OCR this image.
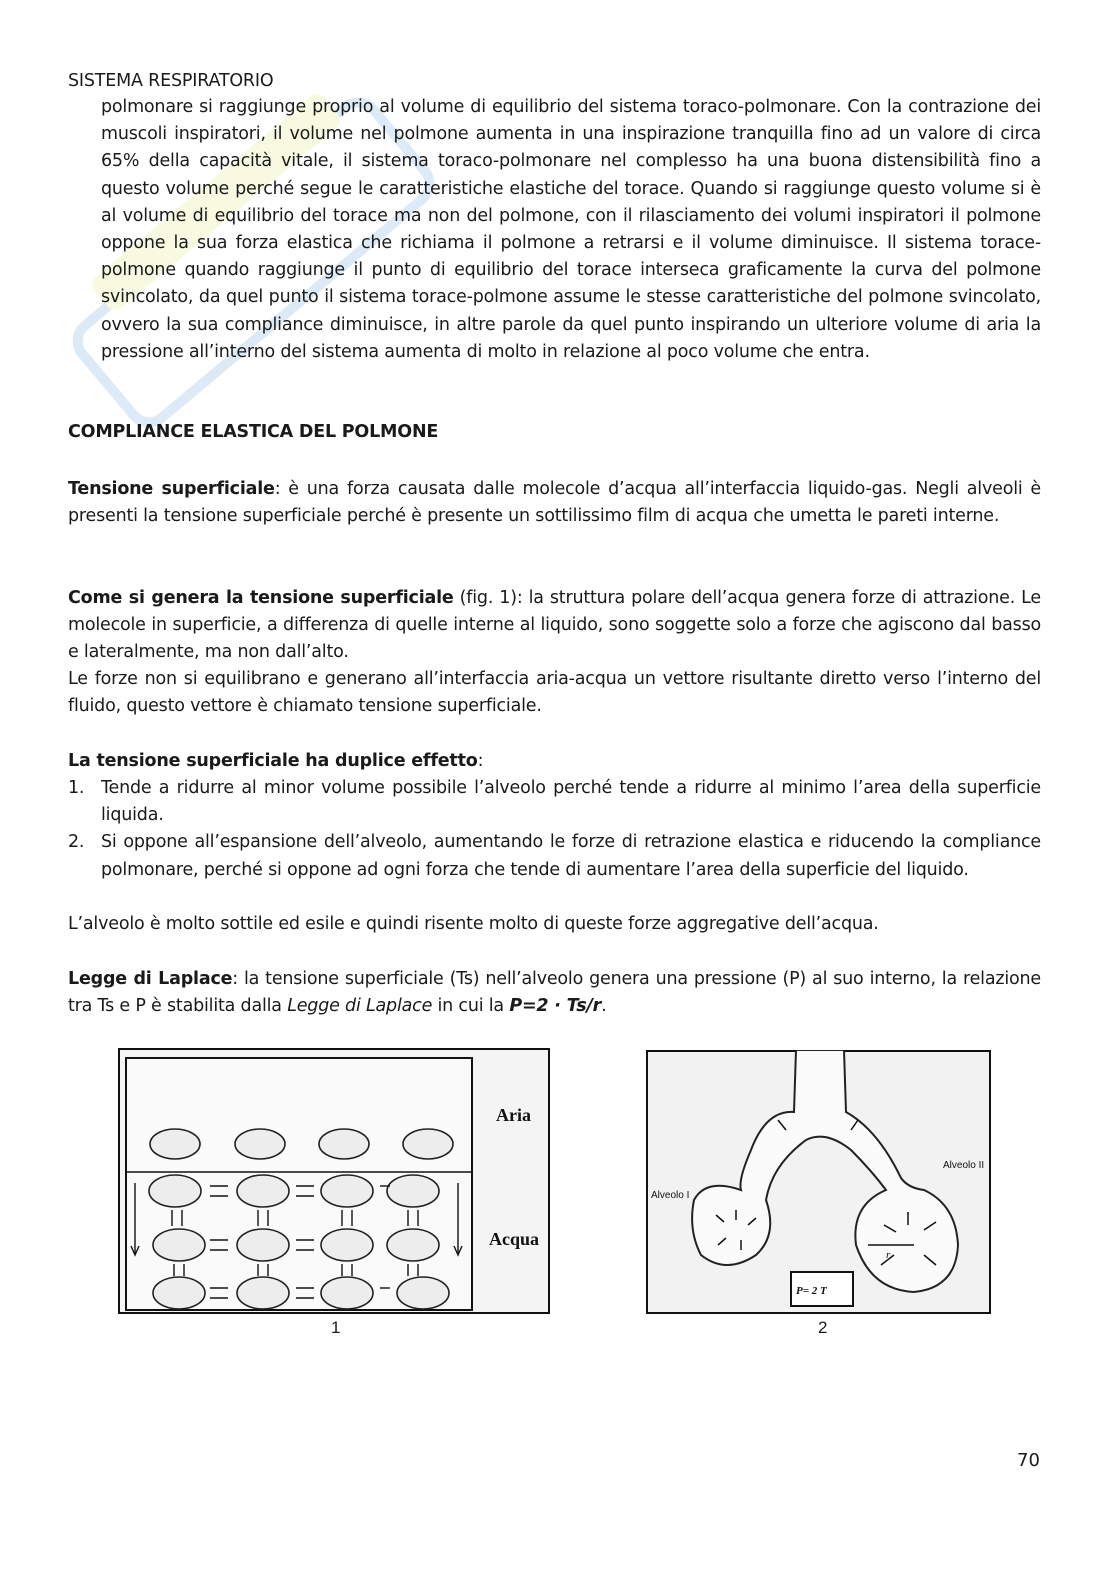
SISTEMA RESPIRATORIO
polmonare si raggiunge proprio al volume di equilibrio del sistema toraco-polmonare. Con la contrazione dei muscoli inspiratori, il volume nel polmone aumenta in una inspirazione tranquilla fino ad un valore di circa 65% della capacità vitale, il sistema toraco-polmonare nel complesso ha una buona distensibilità fino a questo volume perché segue le caratteristiche elastiche del torace. Quando si raggiunge questo volume si è al volume di equilibrio del torace ma non del polmone, con il rilasciamento dei volumi inspiratori il polmone oppone la sua forza elastica che richiama il polmone a retrarsi e il volume diminuisce. Il sistema torace-polmone quando raggiunge il punto di equilibrio del torace interseca graficamente la curva del polmone svincolato, da quel punto il sistema torace-polmone assume le stesse caratteristiche del polmone svincolato, ovvero la sua compliance diminuisce, in altre parole da quel punto inspirando un ulteriore volume di aria la pressione all’interno del sistema aumenta di molto in relazione al poco volume che entra.
COMPLIANCE ELASTICA DEL POLMONE
Tensione superficiale: è una forza causata dalle molecole d’acqua all’interfaccia liquido-gas. Negli alveoli è presenti la tensione superficiale perché è presente un sottilissimo film di acqua che umetta le pareti interne.
Come si genera la tensione superficiale (fig. 1): la struttura polare dell’acqua genera forze di attrazione. Le molecole in superficie, a differenza di quelle interne al liquido, sono soggette solo a forze che agiscono dal basso e lateralmente, ma non dall’alto.
Le forze non si equilibrano e generano all’interfaccia aria-acqua un vettore risultante diretto verso l’interno del fluido, questo vettore è chiamato tensione superficiale.
La tensione superficiale ha duplice effetto:
1. Tende a ridurre al minor volume possibile l’alveolo perché tende a ridurre al minimo l’area della superficie liquida.
2. Si oppone all’espansione dell’alveolo, aumentando le forze di retrazione elastica e riducendo la compliance polmonare, perché si oppone ad ogni forza che tende di aumentare l’area della superficie del liquido.
L’alveolo è molto sottile ed esile e quindi risente molto di queste forze aggregative dell’acqua.
Legge di Laplace: la tensione superficiale (Ts) nell’alveolo genera una pressione (P) al suo interno, la relazione tra Ts e P è stabilita dalla Legge di Laplace in cui la P=2 · Ts/r.
Aria
Acqua
1
Alveolo I
Alveolo II
r
P= 2 T
2
70
